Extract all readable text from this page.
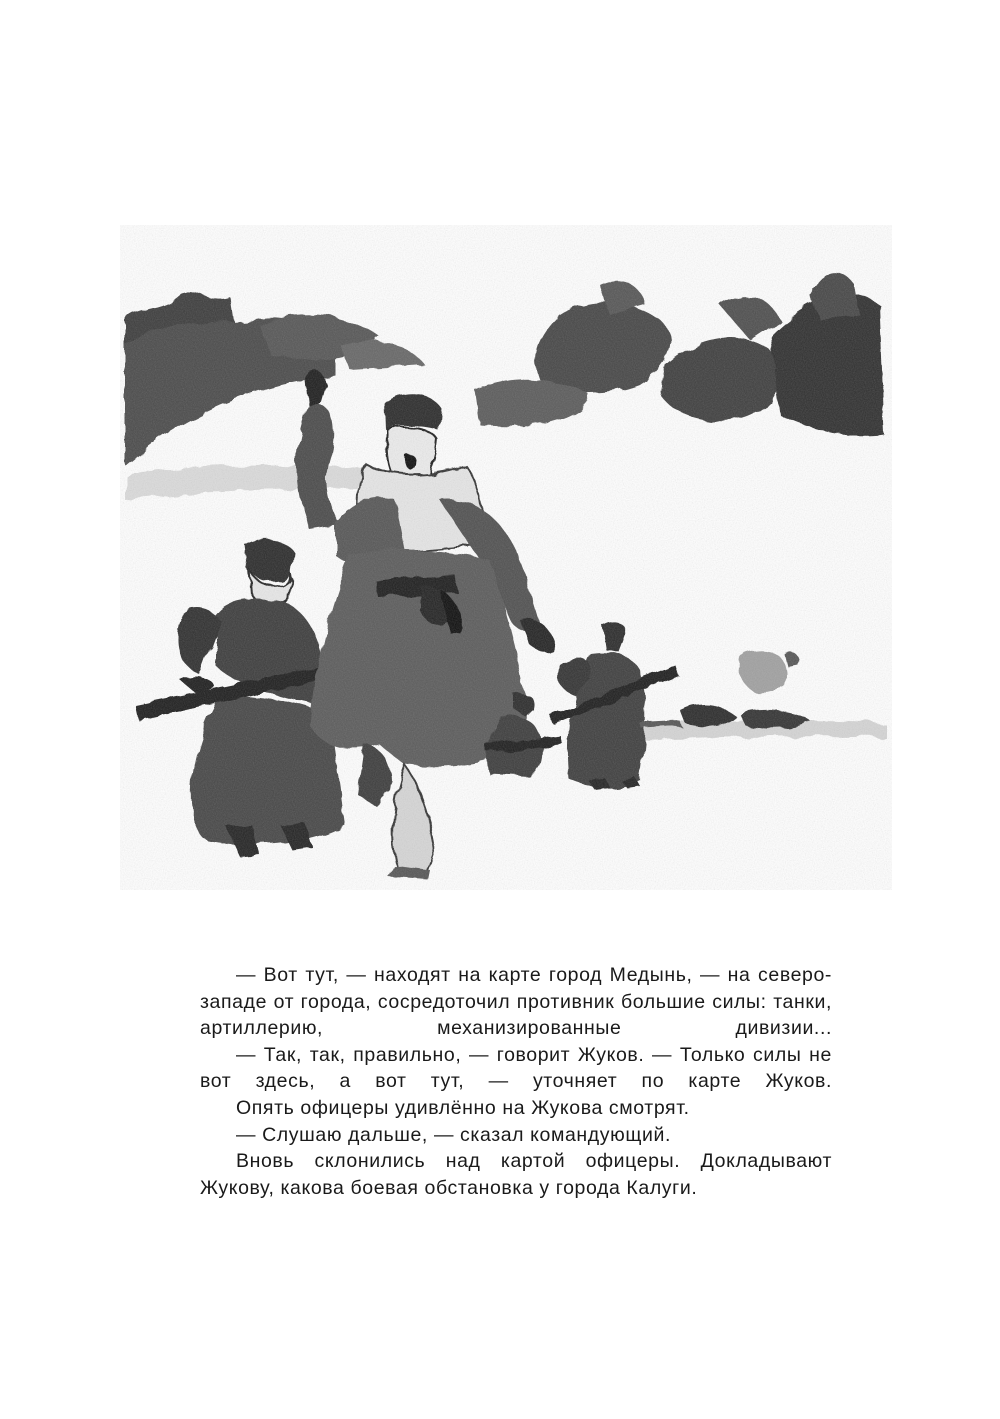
— Вот тут, — находят на карте город Медынь, — на северо-западе от города, сосредоточил противник большие силы: танки, артиллерию, механизированные дивизии...

— Так, так, правильно, — говорит Жуков. — Только силы не вот здесь, а вот тут, — уточняет по карте Жуков.

Опять офицеры удивлённо на Жукова смотрят.

— Слушаю дальше, — сказал командующий.

Вновь склонились над картой офицеры. Докладывают Жукову, какова боевая обстановка у города Калуги.
